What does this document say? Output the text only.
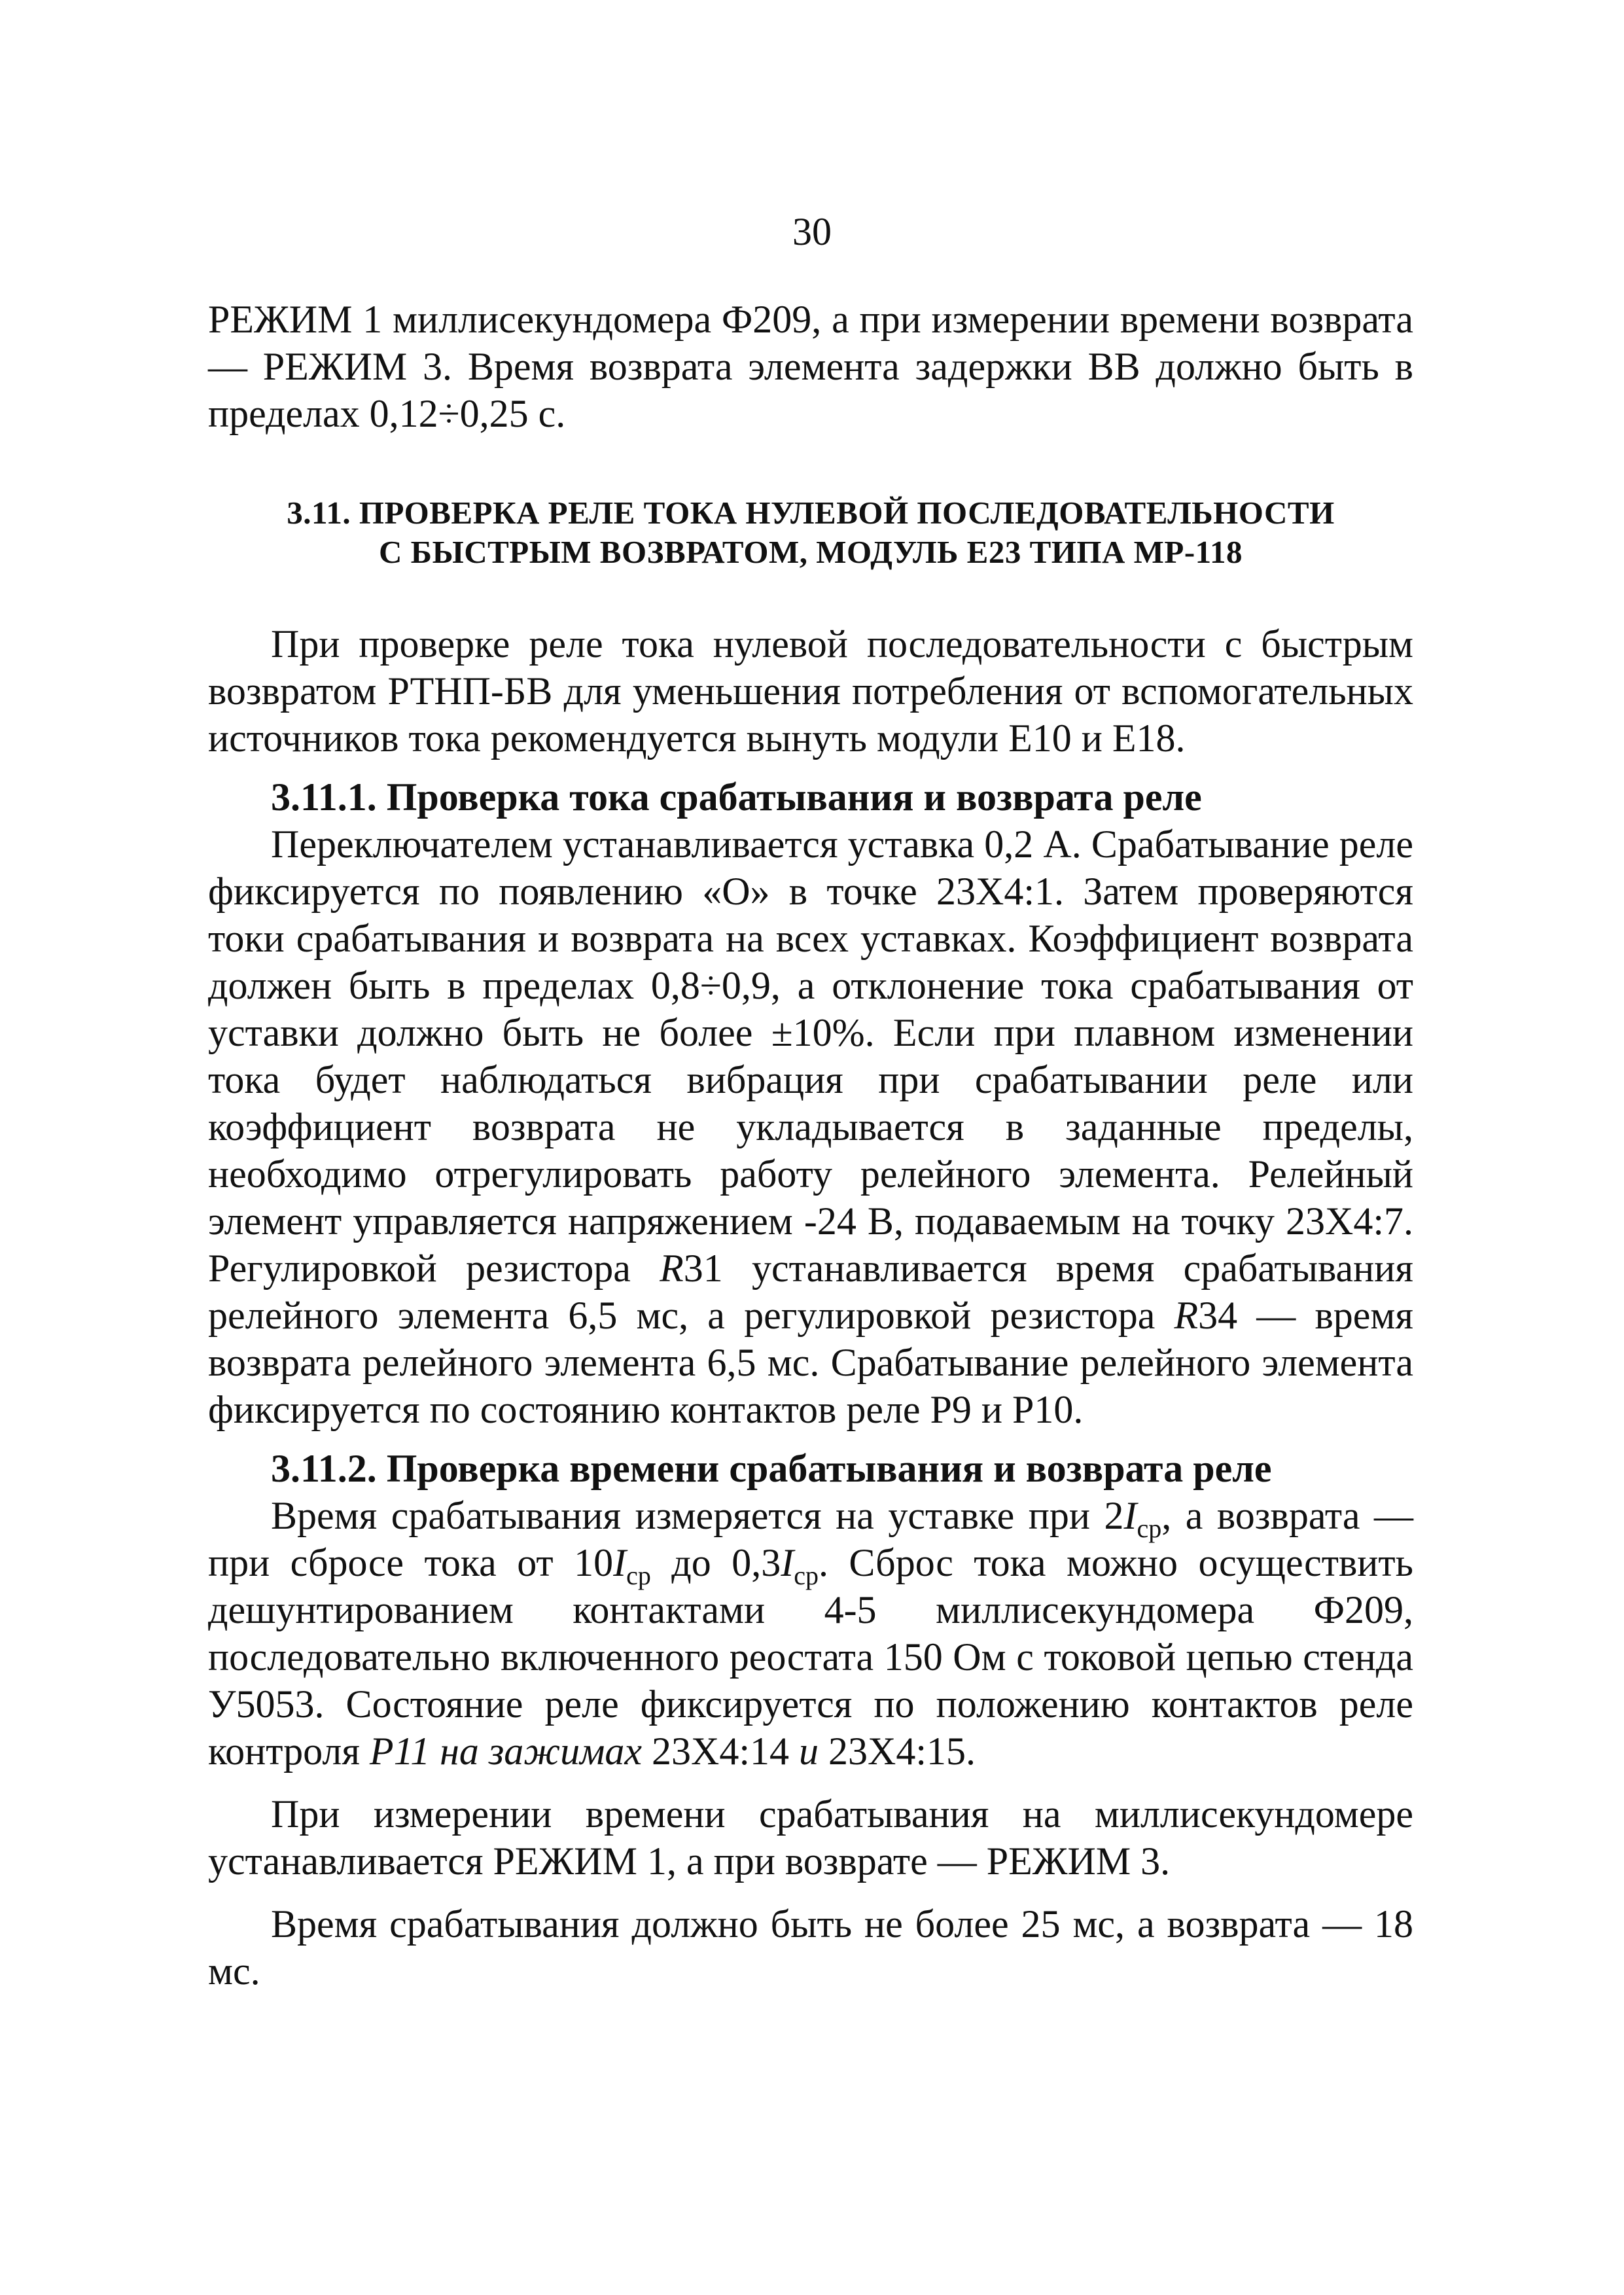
30

РЕЖИМ 1 миллисекундомера Ф209, а при измерении времени возврата — РЕЖИМ 3. Время возврата элемента задержки ВВ должно быть в пределах 0,12÷0,25 с.

3.11. ПРОВЕРКА РЕЛЕ ТОКА НУЛЕВОЙ ПОСЛЕДОВАТЕЛЬНОСТИ
С БЫСТРЫМ ВОЗВРАТОМ, МОДУЛЬ Е23 ТИПА МР-118

При проверке реле тока нулевой последовательности с быстрым возвратом РТНП-БВ для уменьшения потребления от вспомогательных источников тока рекомендуется вынуть модули Е10 и Е18.

3.11.1. Проверка тока срабатывания и возврата реле

Переключателем устанавливается уставка 0,2 А. Срабатывание реле фиксируется по появлению «О» в точке 23Х4:1. Затем проверяются токи срабатывания и возврата на всех уставках. Коэффициент возврата должен быть в пределах 0,8÷0,9, а отклонение тока срабатывания от уставки должно быть не более ±10%. Если при плавном изменении тока будет наблюдаться вибрация при срабатывании реле или коэффициент возврата не укладывается в заданные пределы, необходимо отрегулировать работу релейного элемента. Релейный элемент управляется напряжением -24 В, подаваемым на точку 23Х4:7. Регулировкой резистора R31 устанавливается время срабатывания релейного элемента 6,5 мс, а регулировкой резистора R34 — время возврата релейного элемента 6,5 мс. Срабатывание релейного элемента фиксируется по состоянию контактов реле Р9 и Р10.

3.11.2. Проверка времени срабатывания и возврата реле

Время срабатывания измеряется на уставке при $2I_{ср}$, а возврата — при сбросе тока от $10I_{ср}$ до $0,3I_{ср}$. Сброс тока можно осуществить дешунтированием контактами 4-5 миллисекундомера Ф209, последовательно включенного реостата 150 Ом с токовой цепью стенда У5053. Состояние реле фиксируется по положению контактов реле контроля Р11 на зажимах 23Х4:14 и 23Х4:15.

При измерении времени срабатывания на миллисекундомере устанавливается РЕЖИМ 1, а при возврате — РЕЖИМ 3.

Время срабатывания должно быть не более 25 мс, а возврата — 18 мс.
